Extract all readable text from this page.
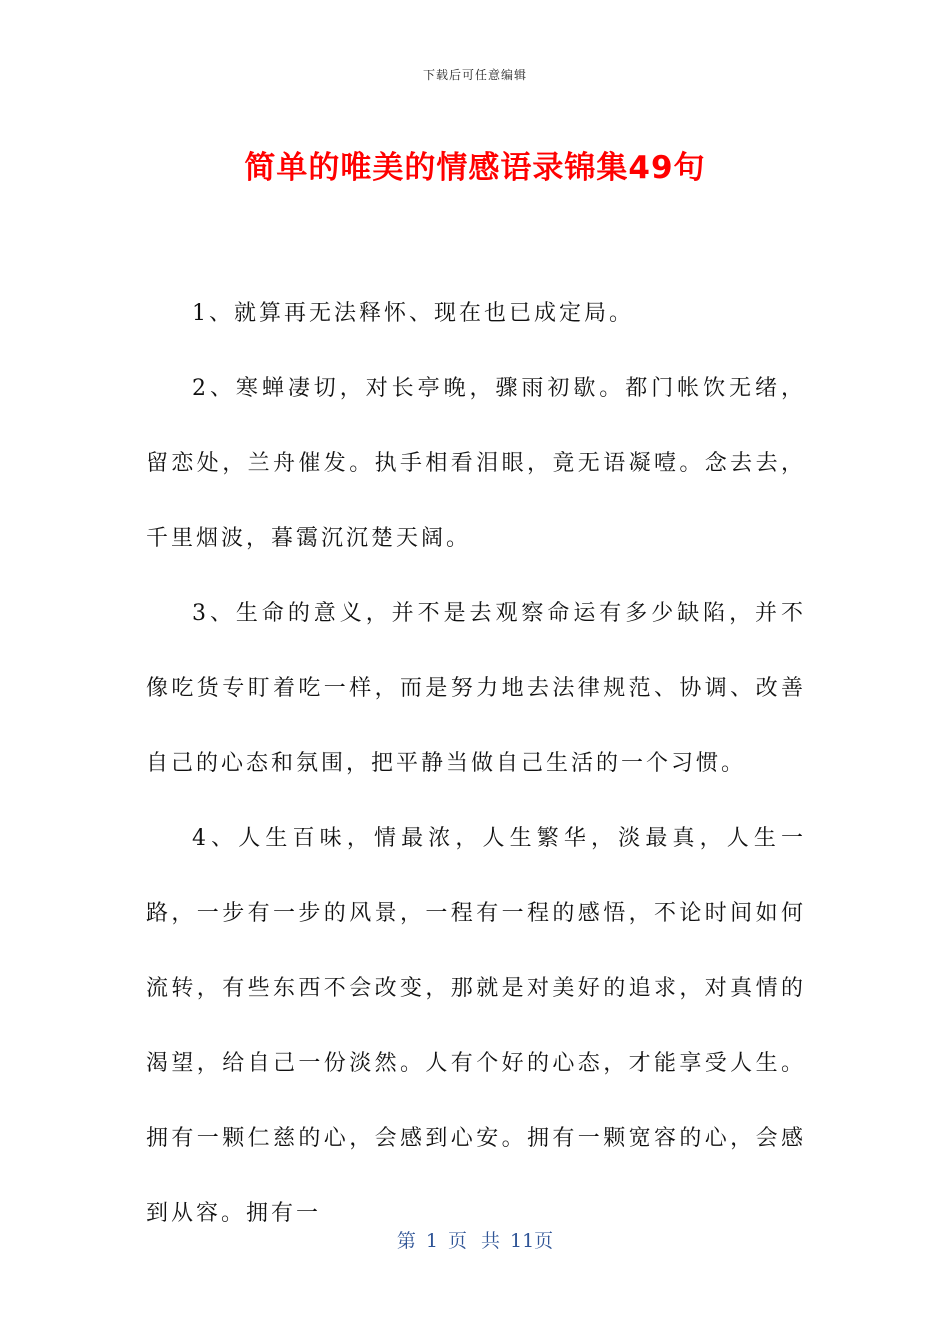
下载后可任意编辑
简单的唯美的情感语录锦集49句

1、就算再无法释怀、现在也已成定局。

2、寒蝉凄切，对长亭晚，骤雨初歇。都门帐饮无绪，留恋处，兰舟催发。执手相看泪眼，竟无语凝噎。念去去，千里烟波，暮霭沉沉楚天阔。

3、生命的意义，并不是去观察命运有多少缺陷，并不像吃货专盯着吃一样，而是努力地去法律规范、协调、改善自己的心态和氛围，把平静当做自己生活的一个习惯。

4、人生百味，情最浓，人生繁华，淡最真，人生一路，一步有一步的风景，一程有一程的感悟，不论时间如何流转，有些东西不会改变，那就是对美好的追求，对真情的渴望，给自己一份淡然。人有个好的心态，才能享受人生。拥有一颗仁慈的心，会感到心安。拥有一颗宽容的心，会感到从容。拥有一

第 1 页 共 11页
